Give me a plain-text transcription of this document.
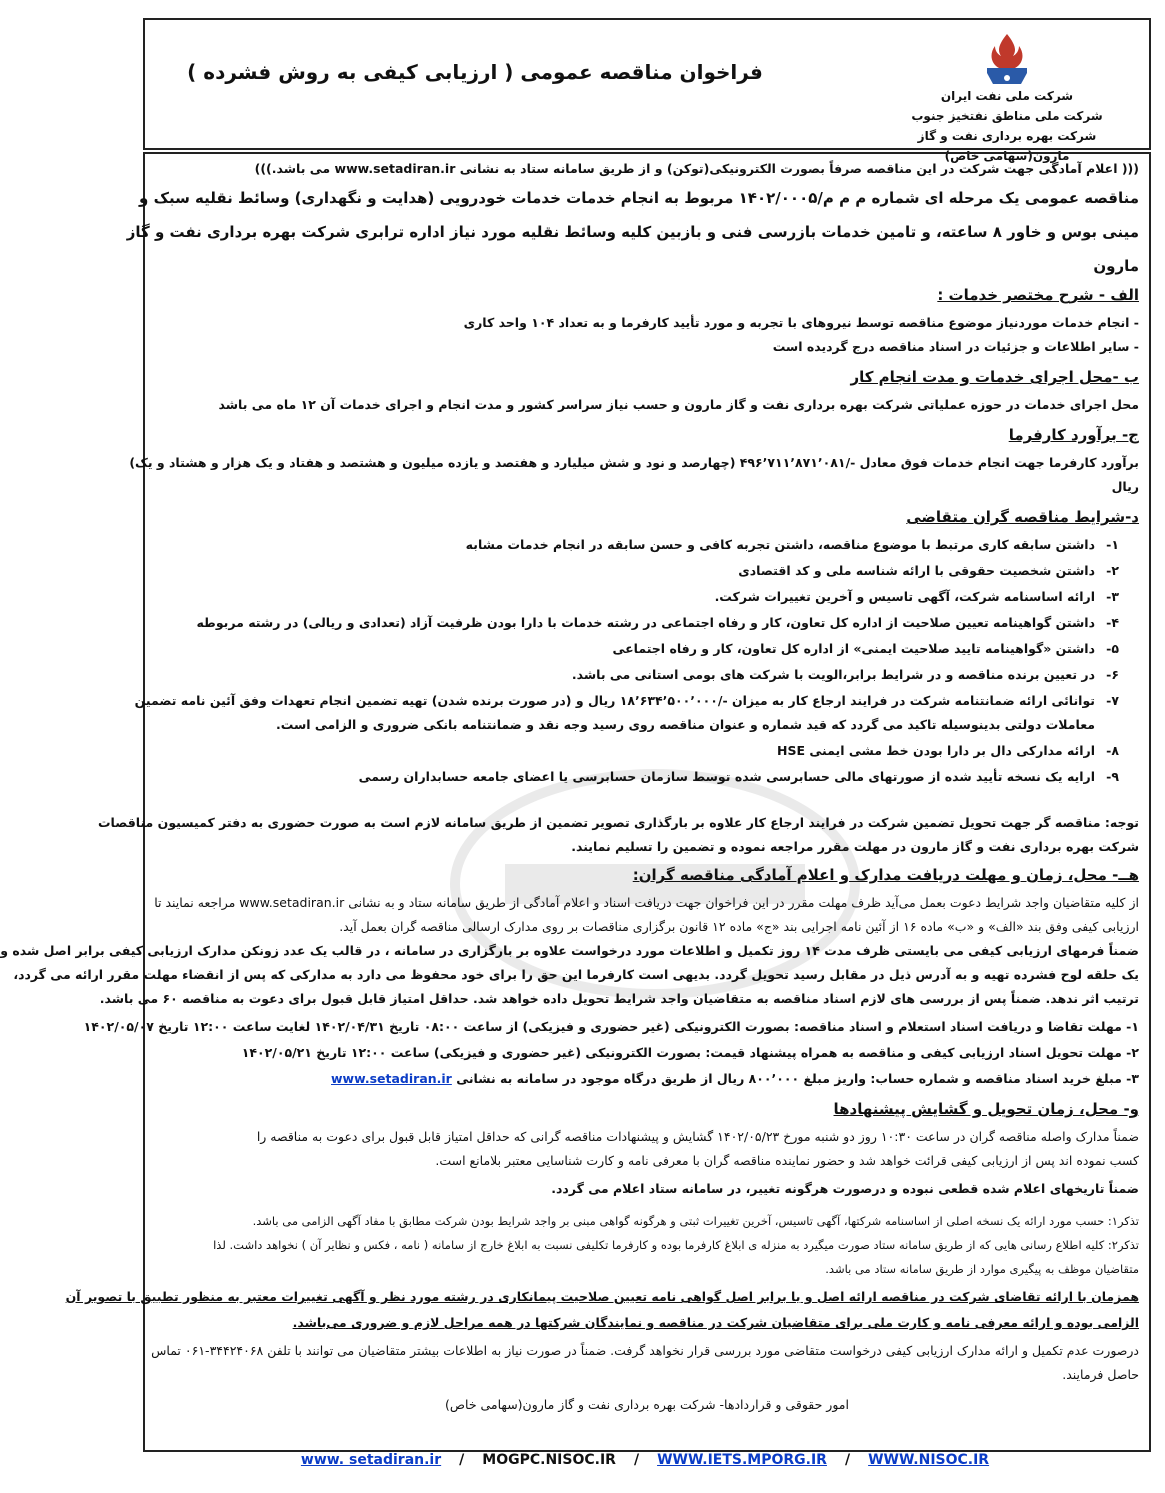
شرکت ملی نفت ایران
شرکت ملی مناطق نفتخیز جنوب
شرکت بهره برداری نفت و گاز مارون(سهامی خاص)
فراخوان مناقصه عمومی ( ارزیابی کیفی به روش فشرده )
((( اعلام آمادگی جهت شرکت در این مناقصه صرفاً بصورت الکترونیکی(توکن) و از طریق سامانه ستاد به نشانی www.setadiran.ir می باشد.)))
مناقصه عمومی یک مرحله ای شماره م م م/۱۴۰۲/۰۰۰۵ مربوط به انجام خدمات خدمات خودرویی (هدایت و نگهداری) وسائط نقلیه سبک و
مینی بوس و خاور ۸ ساعته، و تامین خدمات بازرسی فنی و بازبین کلیه وسائط نقلیه مورد نیاز اداره ترابری شرکت بهره برداری نفت و گاز
مارون
الف - شرح مختصر خدمات :
- انجام خدمات موردنیاز موضوع مناقصه توسط نیروهای با تجربه و مورد تأیید کارفرما و به تعداد ۱۰۴ واحد کاری
- سایر اطلاعات و جزئیات در اسناد مناقصه درج گردیده است
ب -محل اجرای خدمات و مدت انجام کار
محل اجرای خدمات در حوزه عملیاتی شرکت بهره برداری نفت و گاز مارون و حسب نیاز سراسر کشور و مدت انجام و اجرای خدمات آن ۱۲ ماه می باشد
ج- برآورد کارفرما
برآورد کارفرما جهت انجام خدمات فوق معادل -/۴۹۶٬۷۱۱٬۸۷۱٬۰۸۱ (چهارصد و نود و شش میلیارد و هفتصد و یازده میلیون و هشتصد و هفتاد و یک هزار و هشتاد و یک)
ریال
د-شرایط مناقصه گران متقاضی
۱-داشتن سابقه کاری مرتبط با موضوع مناقصه، داشتن تجربه کافی و حسن سابقه در انجام خدمات مشابه
۲-داشتن شخصیت حقوقی با ارائه شناسه ملی و کد اقتصادی
۳-ارائه اساسنامه شرکت، آگهی تاسیس و آخرین تغییرات شرکت.
۴-داشتن گواهینامه تعیین صلاحیت از اداره کل تعاون، کار و رفاه اجتماعی در رشته خدمات با دارا بودن ظرفیت آزاد (تعدادی و ریالی) در رشته مربوطه
۵-داشتن «گواهینامه تایید صلاحیت ایمنی» از اداره کل تعاون، کار و رفاه اجتماعی
۶-در تعیین برنده مناقصه و در شرایط برابر،الویت با شرکت های بومی استانی می باشد.
۷-توانائی ارائه ضمانتنامه شرکت در فرایند ارجاع کار به میزان -/۱۸٬۶۳۴٬۵۰۰٬۰۰۰ ریال و (در صورت برنده شدن) تهیه تضمین انجام تعهدات وفق آئین نامه تضمین
معاملات دولتی بدینوسیله تاکید می گردد که قید شماره و عنوان مناقصه روی رسید وجه نقد و ضمانتنامه بانکی ضروری و الزامی است.
۸-ارائه مدارکی دال بر دارا بودن خط مشی ایمنی HSE
۹-ارایه یک نسخه تأیید شده از صورتهای مالی حسابرسی شده توسط سازمان حسابرسی یا اعضای جامعه حسابداران رسمی
توجه: مناقصه گر جهت تحویل تضمین شرکت در فرایند ارجاع کار علاوه بر بارگذاری تصویر تضمین از طریق سامانه لازم است به صورت حضوری به دفتر کمیسیون مناقصات
شرکت بهره برداری نفت و گاز مارون در مهلت مقرر مراجعه نموده و تضمین را تسلیم نمایند.
هــ- محل، زمان و مهلت دریافت مدارک و اعلام آمادگی مناقصه گران:
از کلیه متقاضیان واجد شرایط دعوت بعمل می‌آید ظرف مهلت مقرر در این فراخوان جهت دریافت اسناد و اعلام آمادگی از طریق سامانه ستاد و به نشانی www.setadiran.ir مراجعه نمایند تا
ارزیابی کیفی وفق بند «الف» و «ب» ماده ۱۶ از آئین نامه اجرایی بند «ج» ماده ۱۲ قانون برگزاری مناقصات بر روی مدارک ارسالی مناقصه گران بعمل آید.
ضمناً فرمهای ارزیابی کیفی می بایستی ظرف مدت ۱۴ روز تکمیل و اطلاعات مورد درخواست علاوه بر بارگزاری در سامانه ، در قالب یک عدد زونکن مدارک ارزیابی کیفی برابر اصل شده و
یک حلقه لوح فشرده تهیه و به آدرس ذیل در مقابل رسید تحویل گردد. بدیهی است کارفرما این حق را برای خود محفوظ می دارد به مدارکی که پس از انقضاء مهلت مقرر ارائه می گردد،
ترتیب اثر ندهد. ضمناً پس از بررسی های لازم اسناد مناقصه به متقاضیان واجد شرایط تحویل داده خواهد شد. حداقل امتیاز قابل قبول برای دعوت به مناقصه ۶۰ می باشد.
۱- مهلت تقاضا و دریافت اسناد استعلام و اسناد مناقصه: بصورت الکترونیکی (غیر حضوری و فیزیکی) از ساعت ۰۸:۰۰ تاریخ ۱۴۰۲/۰۴/۳۱ لغایت ساعت ۱۲:۰۰ تاریخ ۱۴۰۲/۰۵/۰۷
۲- مهلت تحویل اسناد ارزیابی کیفی و مناقصه به همراه پیشنهاد قیمت: بصورت الکترونیکی (غیر حضوری و فیزیکی) ساعت ۱۲:۰۰ تاریخ ۱۴۰۲/۰۵/۲۱
۳- مبلغ خرید اسناد مناقصه و شماره حساب: واریز مبلغ ۸۰۰٬۰۰۰ ریال از طریق درگاه موجود در سامانه به نشانی www.setadiran.ir
و- محل، زمان تحویل و گشایش پیشنهادها
ضمناً مدارک واصله مناقصه گران در ساعت ۱۰:۳۰ روز دو شنبه مورخ ۱۴۰۲/۰۵/۲۳ گشایش و پیشنهادات مناقصه گرانی که حداقل امتیاز قابل قبول برای دعوت به مناقصه را
کسب نموده اند پس از ارزیابی کیفی قرائت خواهد شد و حضور نماینده مناقصه گران با معرفی نامه و کارت شناسایی معتبر بلامانع است.
ضمناً تاریخهای اعلام شده قطعی نبوده و درصورت هرگونه تغییر، در سامانه ستاد اعلام می گردد.
تذکر۱: حسب مورد ارائه یک نسخه اصلی از اساسنامه شرکتها، آگهی تاسیس، آخرین تغییرات ثبتی و هرگونه گواهی مبنی بر واجد شرایط بودن شرکت مطابق با مفاد آگهی الزامی می باشد.
تذکر۲: کلیه اطلاع رسانی هایی که از طریق سامانه ستاد صورت میگیرد به منزله ی ابلاغ کارفرما بوده و کارفرما تکلیفی نسبت به ابلاغ خارج از سامانه ( نامه ، فکس و نظایر آن ) نخواهد داشت. لذا
متقاضیان موظف به پیگیری موارد از طریق سامانه ستاد می باشد.
همزمان با ارائه تقاضای شرکت در مناقصه ارائه اصل و یا برابر اصل گواهی نامه تعیین صلاحیت پیمانکاری در رشته مورد نظر و آگهی تغییرات معتبر به منظور تطبیق با تصویر آن
الزامی بوده و ارائه معرفی نامه و کارت ملی برای متقاضیان شرکت در مناقصه و نمایندگان شرکتها در همه مراحل لازم و ضروری می‌باشد.
درصورت عدم تکمیل و ارائه مدارک ارزیابی کیفی درخواست متقاضی مورد بررسی قرار نخواهد گرفت. ضمناً در صورت نیاز به اطلاعات بیشتر متقاضیان می توانند با تلفن ۳۴۴۲۴۰۶۸-۰۶۱ تماس
حاصل فرمایند.
امور حقوقی و قراردادها- شرکت بهره برداری نفت و گاز مارون(سهامی خاص)
www. setadiran.ir / MOGPC.NISOC.IR / WWW.IETS.MPORG.IR / WWW.NISOC.IR
